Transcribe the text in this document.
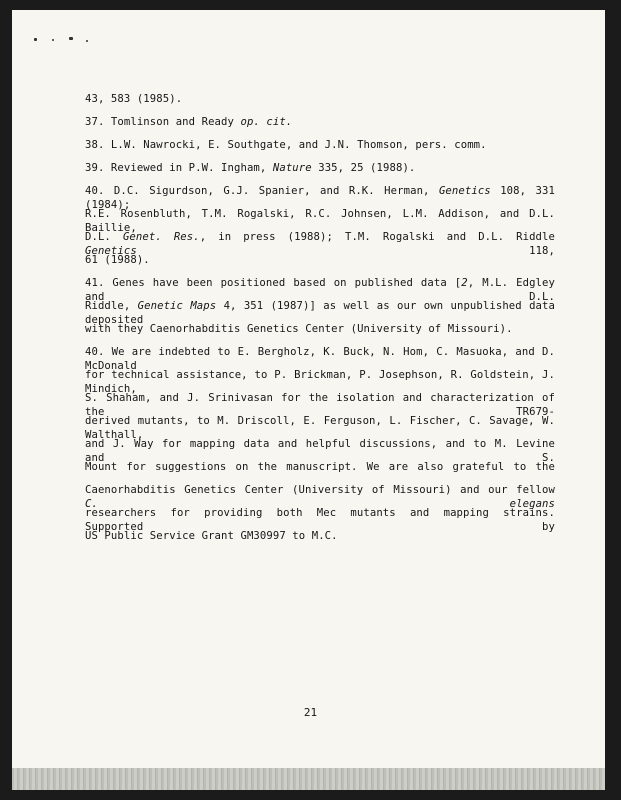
43, 583 (1985).
37. Tomlinson and Ready op. cit.
38. L.W. Nawrocki, E. Southgate, and J.N. Thomson, pers. comm.
39. Reviewed in P.W. Ingham, Nature 335, 25 (1988).
40. D.C. Sigurdson, G.J. Spanier, and R.K. Herman, Genetics 108, 331 (1984);
R.E. Rosenbluth, T.M. Rogalski, R.C. Johnsen, L.M. Addison, and D.L. Baillie,
D.L. Genet. Res., in press (1988); T.M. Rogalski and D.L. Riddle Genetics 118,
61 (1988).
41. Genes have been positioned based on published data [2, M.L. Edgley and D.L.
Riddle, Genetic Maps 4, 351 (1987)] as well as our own unpublished data deposited
with they Caenorhabditis Genetics Center (University of Missouri).
40. We are indebted to E. Bergholz, K. Buck, N. Hom, C. Masuoka, and D. McDonald
for technical assistance, to P. Brickman, P. Josephson, R. Goldstein, J. Mindich,
S. Shaham, and J. Srinivasan for the isolation and characterization of the TR679-
derived mutants, to M. Driscoll, E. Ferguson, L. Fischer, C. Savage, W. Walthall,
and J. Way for mapping data and helpful discussions, and to M. Levine and S.
Mount for suggestions on the manuscript. We are also grateful to the
Caenorhabditis Genetics Center (University of Missouri) and our fellow C. elegans
researchers for providing both Mec mutants and mapping strains. Supported by
US Public Service Grant GM30997 to M.C.
21
